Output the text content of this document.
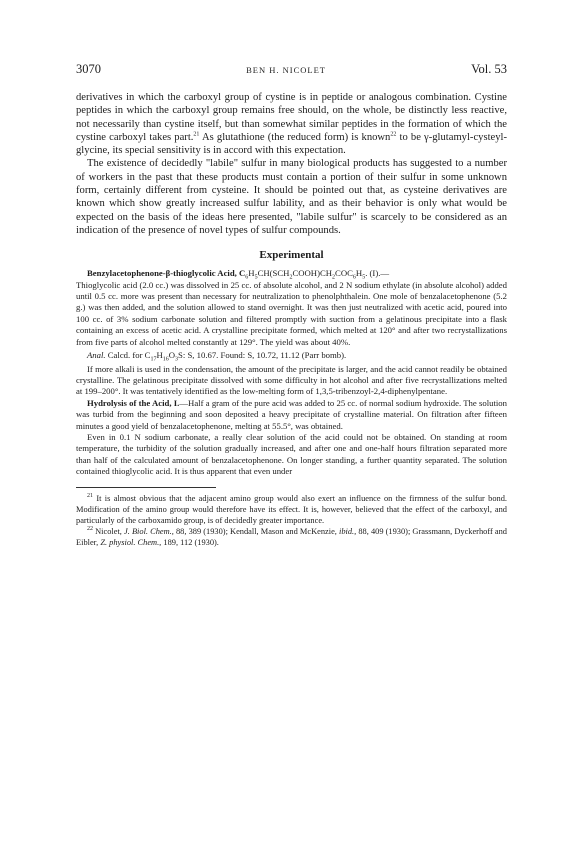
3070	BEN H. NICOLET	Vol. 53

derivatives in which the carboxyl group of cystine is in peptide or analogous combination. Cystine peptides in which the carboxyl group remains free should, on the whole, be distinctly less reactive, not necessarily than cystine itself, but than somewhat similar peptides in the formation of which the cystine carboxyl takes part.$^{21}$ As glutathione (the reduced form) is known$^{22}$ to be γ-glutamyl-cysteyl-glycine, its special sensitivity is in accord with this expectation.

The existence of decidedly "labile" sulfur in many biological products has suggested to a number of workers in the past that these products must contain a portion of their sulfur in some unknown form, certainly different from cysteine. It should be pointed out that, as cysteine derivatives are known which show greatly increased sulfur lability, and as their behavior is only what would be expected on the basis of the ideas here presented, "labile sulfur" is scarcely to be considered as an indication of the presence of novel types of sulfur compounds.

Experimental

Benzylacetophenone-β-thioglycolic Acid, $C_6H_5CH(SCH_2COOH)CH_2COC_6H_5$. (I).—

Thioglycolic acid (2.0 cc.) was dissolved in 25 cc. of absolute alcohol, and 2 N sodium ethylate (in absolute alcohol) added until 0.5 cc. more was present than necessary for neutralization to phenolphthalein. One mole of benzalacetophenone (5.2 g.) was then added, and the solution allowed to stand overnight. It was then just neutralized with acetic acid, poured into 100 cc. of 3% sodium carbonate solution and filtered promptly with suction from a gelatinous precipitate into a flask containing an excess of acetic acid. A crystalline precipitate formed, which melted at 120° and after two recrystallizations from five parts of alcohol melted constantly at 129°. The yield was about 40%.

Anal. Calcd. for $C_{17}H_{16}O_3S$: S, 10.67. Found: S, 10.72, 11.12 (Parr bomb).

If more alkali is used in the condensation, the amount of the precipitate is larger, and the acid cannot readily be obtained crystalline. The gelatinous precipitate dissolved with some difficulty in hot alcohol and after five recrystallizations melted at 199–200°. It was tentatively identified as the low-melting form of 1,3,5-tribenzoyl-2,4-diphenylpentane.

Hydrolysis of the Acid, I.—Half a gram of the pure acid was added to 25 cc. of normal sodium hydroxide. The solution was turbid from the beginning and soon deposited a heavy precipitate of crystalline material. On filtration after fifteen minutes a good yield of benzalacetophenone, melting at 55.5°, was obtained.

Even in 0.1 N sodium carbonate, a really clear solution of the acid could not be obtained. On standing at room temperature, the turbidity of the solution gradually increased, and after one and one-half hours filtration separated more than half of the calculated amount of benzalacetophenone. On longer standing, a further quantity separated. The solution contained thioglycolic acid. It is thus apparent that even under

$^{21}$ It is almost obvious that the adjacent amino group would also exert an influence on the firmness of the sulfur bond. Modification of the amino group would therefore have its effect. It is, however, believed that the effect of the carboxyl, and particularly of the carboxamido group, is of decidedly greater importance.

$^{22}$ Nicolet, J. Biol. Chem., 88, 389 (1930); Kendall, Mason and McKenzie, ibid., 88, 409 (1930); Grassmann, Dyckerhoff and Eibler, Z. physiol. Chem., 189, 112 (1930).
